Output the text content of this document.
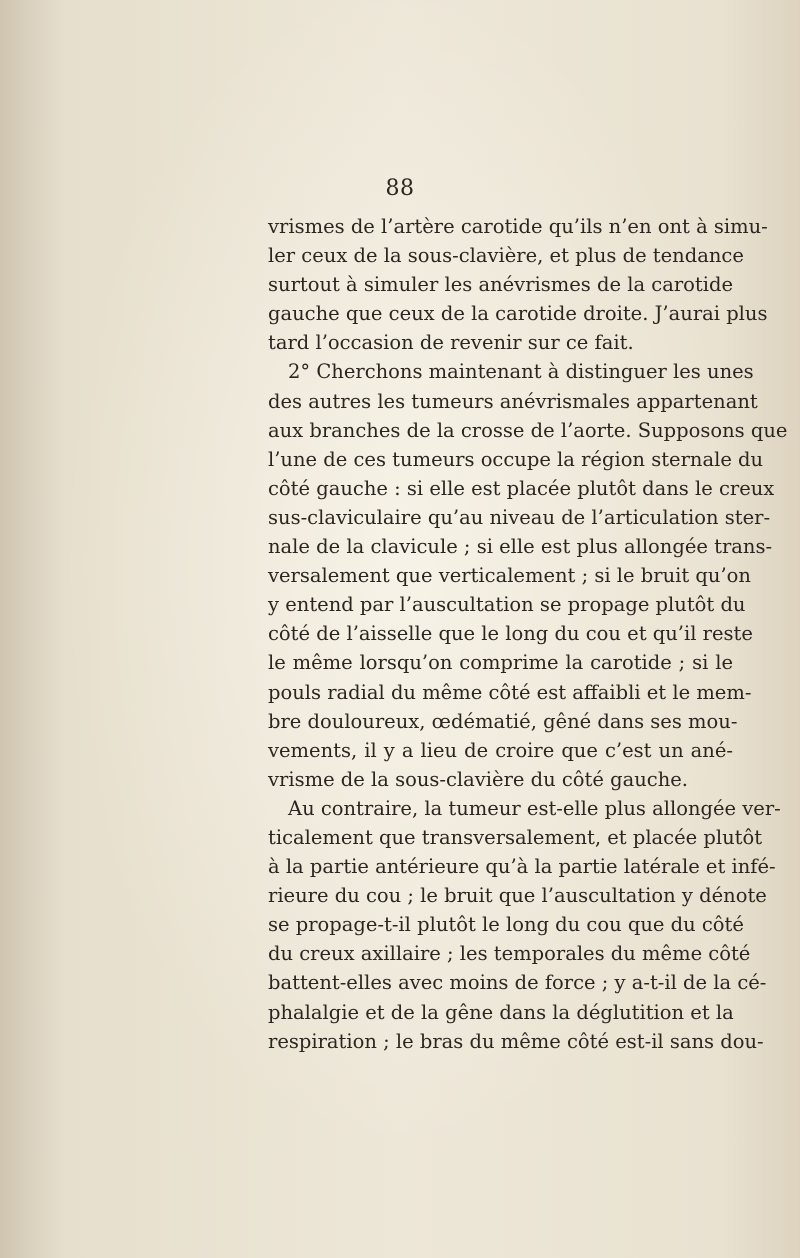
88
vrismes de l’artère carotide qu’ils n’en ont à simu-
ler ceux de la sous-clavière, et plus de tendance
surtout à simuler les anévrismes de la carotide
gauche que ceux de la carotide droite. J’aurai plus
tard l’occasion de revenir sur ce fait.
2° Cherchons maintenant à distinguer les unes
des autres les tumeurs anévrismales appartenant
aux branches de la crosse de l’aorte. Supposons que
l’une de ces tumeurs occupe la région sternale du
côté gauche : si elle est placée plutôt dans le creux
sus-claviculaire qu’au niveau de l’articulation ster-
nale de la clavicule ; si elle est plus allongée trans-
versalement que verticalement ; si le bruit qu’on
y entend par l’auscultation se propage plutôt du
côté de l’aisselle que le long du cou et qu’il reste
le même lorsqu’on comprime la carotide ; si le
pouls radial du même côté est affaibli et le mem-
bre douloureux, œdématié, gêné dans ses mou-
vements, il y a lieu de croire que c’est un ané-
vrisme de la sous-clavière du côté gauche.
Au contraire, la tumeur est-elle plus allongée ver-
ticalement que transversalement, et placée plutôt
à la partie antérieure qu’à la partie latérale et infé-
rieure du cou ; le bruit que l’auscultation y dénote
se propage-t-il plutôt le long du cou que du côté
du creux axillaire ; les temporales du même côté
battent-elles avec moins de force ; y a-t-il de la cé-
phalalgie et de la gêne dans la déglutition et la
respiration ; le bras du même côté est-il sans dou-
